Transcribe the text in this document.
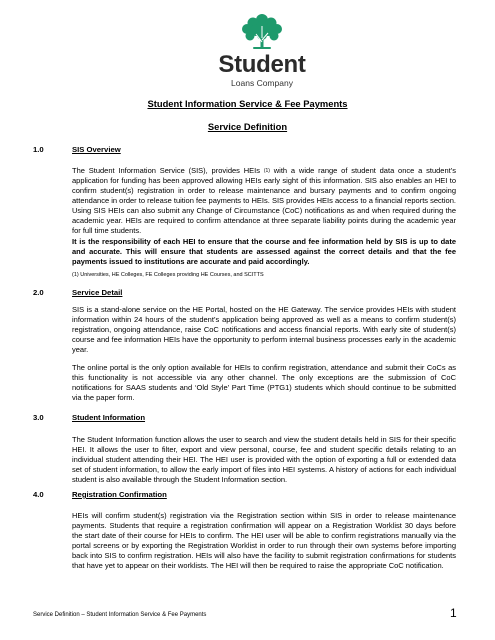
Student
Loans Company
Student Information Service & Fee Payments
Service Definition
1.0	SIS Overview
The Student Information Service (SIS), provides HEIs $^{(1)}$ with a wide range of student data once a student’s application for funding has been approved allowing HEIs early sight of this information. SIS also enables an HEI to confirm student(s) registration in order to release maintenance and bursary payments and to confirm ongoing attendance in order to release tuition fee payments to HEIs. SIS provides HEIs access to a financial reports section. Using SIS HEIs can also submit any Change of Circumstance (CoC) notifications as and when required during the academic year. HEIs are required to confirm attendance at three separate liability points during the academic year for full time students.
It is the responsibility of each HEI to ensure that the course and fee information held by SIS is up to date and accurate. This will ensure that students are assessed against the correct details and that the fee payments issued to institutions are accurate and paid accordingly.
(1) Universities, HE Colleges, FE Colleges providing HE Courses, and SCITTS
2.0	Service Detail
SIS is a stand-alone service on the HE Portal, hosted on the HE Gateway. The service provides HEIs with student information within 24 hours of the student’s application being approved as well as a means to confirm student(s) registration, ongoing attendance, raise CoC notifications and access financial reports. With early site of student(s) course and fee information HEIs have the opportunity to perform internal business processes early in the academic year.
The online portal is the only option available for HEIs to confirm registration, attendance and submit their CoCs as this functionality is not accessible via any other channel. The only exceptions are the submission of CoC notifications for SAAS students and ‘Old Style’ Part Time (PTG1) students which should continue to be submitted via the paper form.
3.0	Student Information
The Student Information function allows the user to search and view the student details held in SIS for their specific HEI. It allows the user to filter, export and view personal, course, fee and student specific details relating to an individual student attending their HEI. The HEI user is provided with the option of exporting a full or extended data set of student information, to allow the early import of files into HEI systems. A history of actions for each individual student is also available through the Student Information section.
4.0	Registration Confirmation
HEIs will confirm student(s) registration via the Registration section within SIS in order to release maintenance payments. Students that require a registration confirmation will appear on a Registration Worklist 30 days before the start date of their course for HEIs to confirm. The HEI user will be able to confirm registrations manually via the portal screens or by exporting the Registration Worklist in order to run through their own systems before importing back into SIS to confirm registration. HEIs will also have the facility to submit registration confirmations for students that have yet to appear on their worklists. The HEI will then be required to raise the appropriate CoC notification.
Service Definition – Student Information Service & Fee Payments	1
